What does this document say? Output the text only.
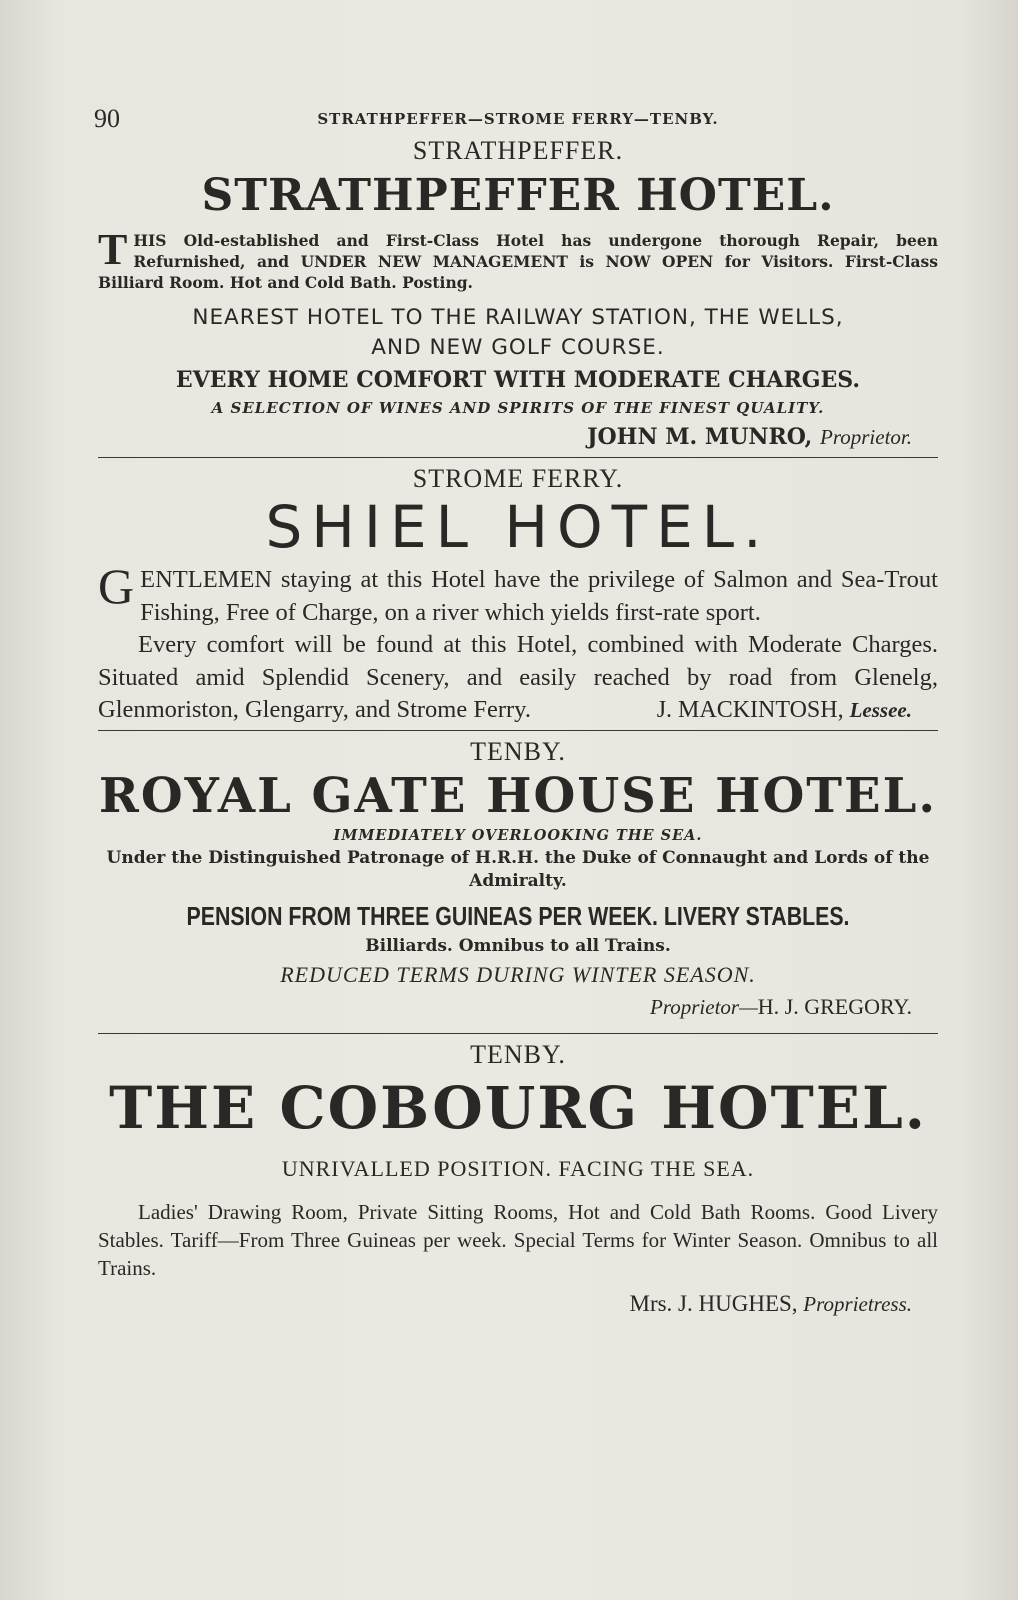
90	STRATHPEFFER—STROME FERRY—TENBY.

STRATHPEFFER.

STRATHPEFFER HOTEL.

T HIS Old-established and First-Class Hotel has undergone thorough Repair, been Refurnished, and UNDER NEW MANAGEMENT is NOW OPEN for Visitors. First-Class Billiard Room. Hot and Cold Bath. Posting.
NEAREST HOTEL TO THE RAILWAY STATION, THE WELLS,
AND NEW GOLF COURSE.
EVERY HOME COMFORT WITH MODERATE CHARGES.
A SELECTION OF WINES AND SPIRITS OF THE FINEST QUALITY.
JOHN M. MUNRO, Proprietor.

STROME FERRY.

SHIEL HOTEL.

G ENTLEMEN staying at this Hotel have the privilege of Salmon and Sea-Trout Fishing, Free of Charge, on a river which yields first-rate sport.

Every comfort will be found at this Hotel, combined with Moderate Charges. Situated amid Splendid Scenery, and easily reached by road from Glenelg, Glenmoriston, Glengarry, and Strome Ferry.	J. MACKINTOSH, Lessee.

TENBY.

ROYAL GATE HOUSE HOTEL.

IMMEDIATELY OVERLOOKING THE SEA.
Under the Distinguished Patronage of H.R.H. the Duke of Connaught and Lords of the Admiralty.
PENSION FROM THREE GUINEAS PER WEEK. LIVERY STABLES.
Billiards. Omnibus to all Trains.
REDUCED TERMS DURING WINTER SEASON.
Proprietor—H. J. GREGORY.

TENBY.

THE COBOURG HOTEL.

UNRIVALLED POSITION. FACING THE SEA.

Ladies' Drawing Room, Private Sitting Rooms, Hot and Cold Bath Rooms. Good Livery Stables. Tariff—From Three Guineas per week. Special Terms for Winter Season. Omnibus to all Trains.

Mrs. J. HUGHES, Proprietress.
